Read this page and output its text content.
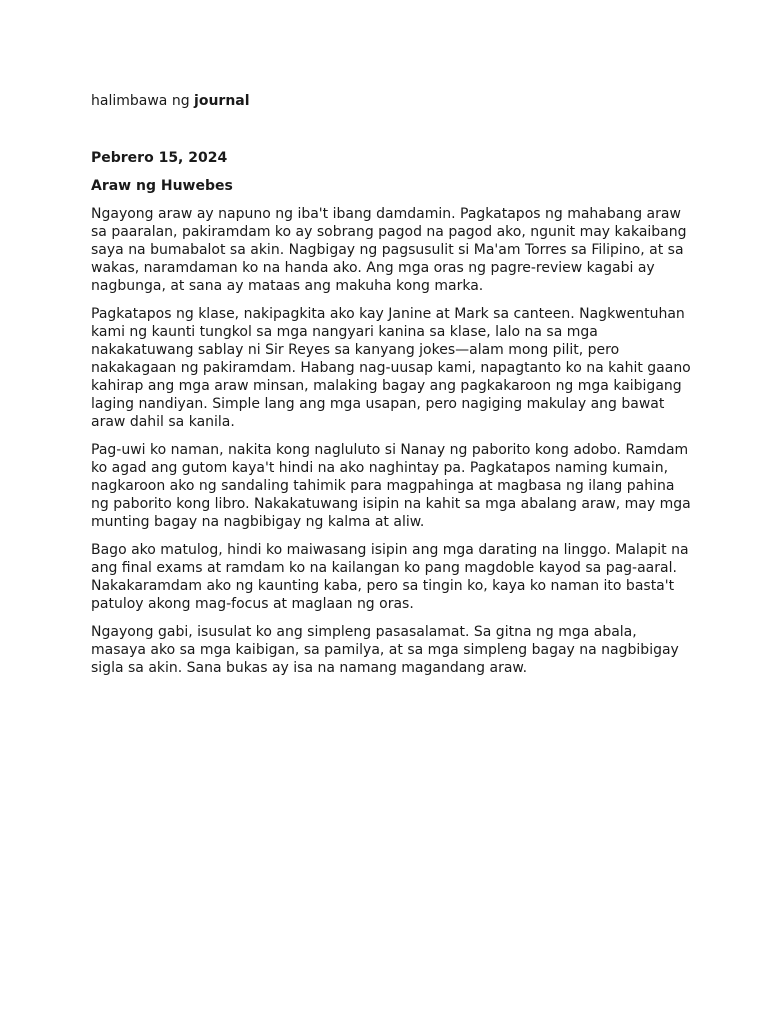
halimbawa ng journal

Pebrero 15, 2024

Araw ng Huwebes

Ngayong araw ay napuno ng iba't ibang damdamin. Pagkatapos ng mahabang araw sa paaralan, pakiramdam ko ay sobrang pagod na pagod ako, ngunit may kakaibang saya na bumabalot sa akin. Nagbigay ng pagsusulit si Ma'am Torres sa Filipino, at sa wakas, naramdaman ko na handa ako. Ang mga oras ng pagre-review kagabi ay nagbunga, at sana ay mataas ang makuha kong marka.

Pagkatapos ng klase, nakipagkita ako kay Janine at Mark sa canteen. Nagkwentuhan kami ng kaunti tungkol sa mga nangyari kanina sa klase, lalo na sa mga nakakatuwang sablay ni Sir Reyes sa kanyang jokes—alam mong pilit, pero nakakagaan ng pakiramdam. Habang nag-uusap kami, napagtanto ko na kahit gaano kahirap ang mga araw minsan, malaking bagay ang pagkakaroon ng mga kaibigang laging nandiyan. Simple lang ang mga usapan, pero nagiging makulay ang bawat araw dahil sa kanila.

Pag-uwi ko naman, nakita kong nagluluto si Nanay ng paborito kong adobo. Ramdam ko agad ang gutom kaya't hindi na ako naghintay pa. Pagkatapos naming kumain, nagkaroon ako ng sandaling tahimik para magpahinga at magbasa ng ilang pahina ng paborito kong libro. Nakakatuwang isipin na kahit sa mga abalang araw, may mga munting bagay na nagbibigay ng kalma at aliw.

Bago ako matulog, hindi ko maiwasang isipin ang mga darating na linggo. Malapit na ang final exams at ramdam ko na kailangan ko pang magdoble kayod sa pag-aaral. Nakakaramdam ako ng kaunting kaba, pero sa tingin ko, kaya ko naman ito basta't patuloy akong mag-focus at maglaan ng oras.

Ngayong gabi, isusulat ko ang simpleng pasasalamat. Sa gitna ng mga abala, masaya ako sa mga kaibigan, sa pamilya, at sa mga simpleng bagay na nagbibigay sigla sa akin. Sana bukas ay isa na namang magandang araw.
